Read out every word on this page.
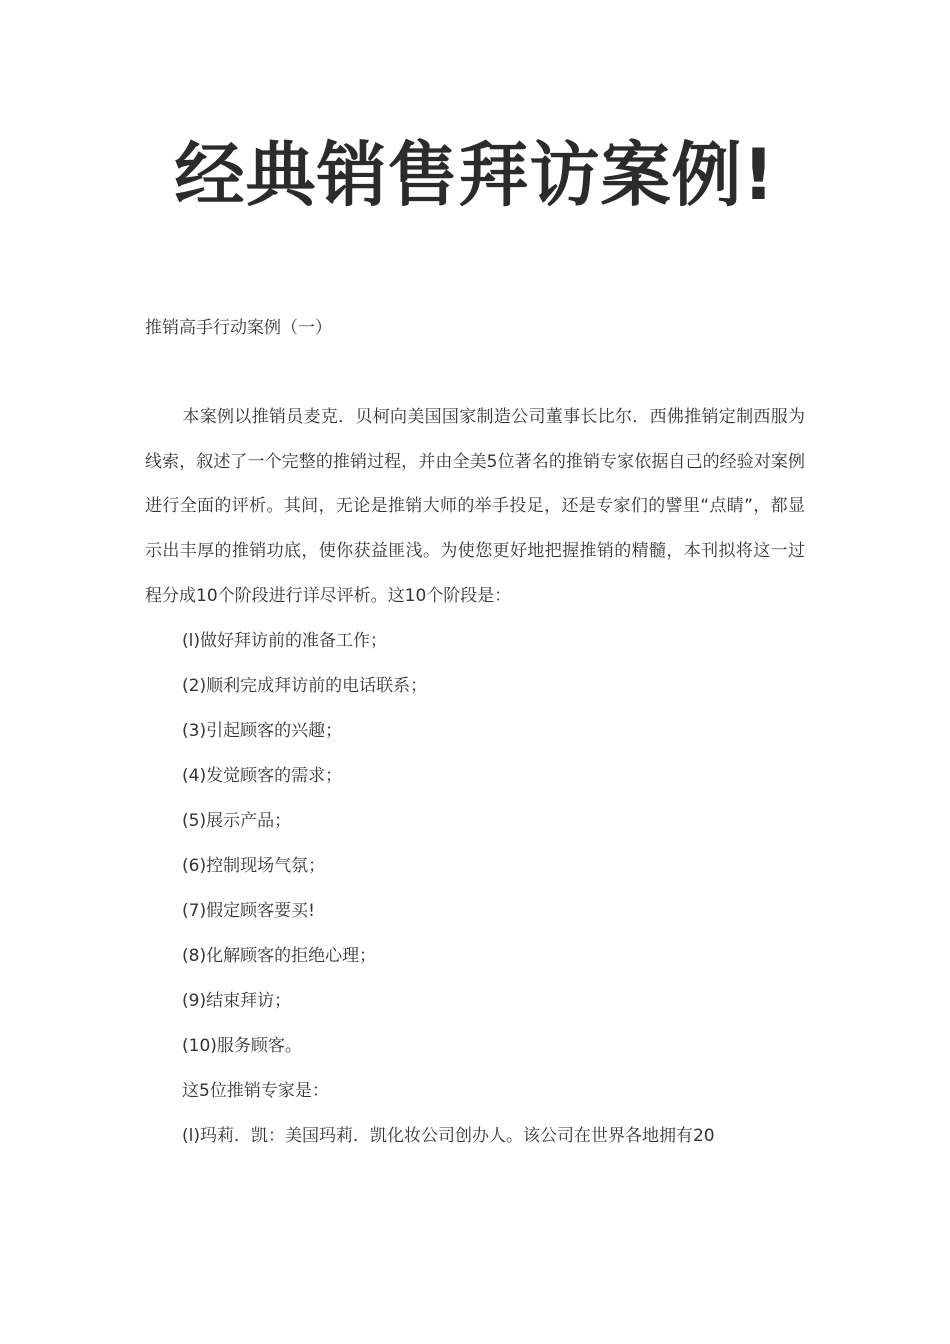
经典销售拜访案例!

推销高手行动案例（一）

本案例以推销员麦克．贝柯向美国国家制造公司董事长比尔．西佛推销定制西服为线索，叙述了一个完整的推销过程，并由全美5位著名的推销专家依据自己的经验对案例进行全面的评析。其间，无论是推销大师的举手投足，还是专家们的譬里“点睛”，都显示出丰厚的推销功底，使你获益匪浅。为使您更好地把握推销的精髓，本刊拟将这一过程分成10个阶段进行详尽评析。这10个阶段是：

(l)做好拜访前的准备工作；

(2)顺利完成拜访前的电话联系；

(3)引起顾客的兴趣；

(4)发觉顾客的需求；

(5)展示产品；

(6)控制现场气氛；

(7)假定顾客要买!

(8)化解顾客的拒绝心理；

(9)结束拜访；

(10)服务顾客。

这5位推销专家是：

(l)玛莉．凯：美国玛莉．凯化妆公司创办人。该公司在世界各地拥有20
